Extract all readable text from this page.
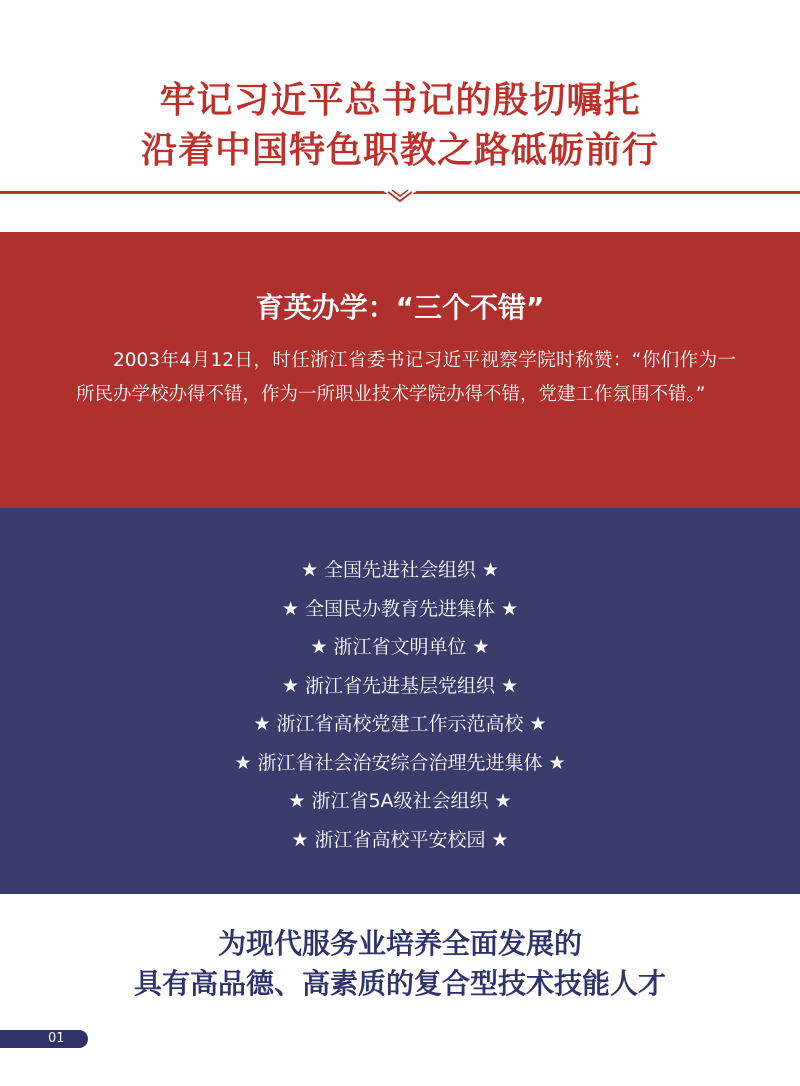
牢记习近平总书记的殷切嘱托
沿着中国特色职教之路砥砺前行
育英办学：“三个不错”

2003年4月12日，时任浙江省委书记习近平视察学院时称赞：“你们作为一所民办学校办得不错，作为一所职业技术学院办得不错，党建工作氛围不错。”

★ 全国先进社会组织 ★
★ 全国民办教育先进集体 ★
★ 浙江省文明单位 ★
★ 浙江省先进基层党组织 ★
★ 浙江省高校党建工作示范高校 ★
★ 浙江省社会治安综合治理先进集体 ★
★ 浙江省5A级社会组织 ★
★ 浙江省高校平安校园 ★
为现代服务业培养全面发展的
具有高品德、高素质的复合型技术技能人才
01
